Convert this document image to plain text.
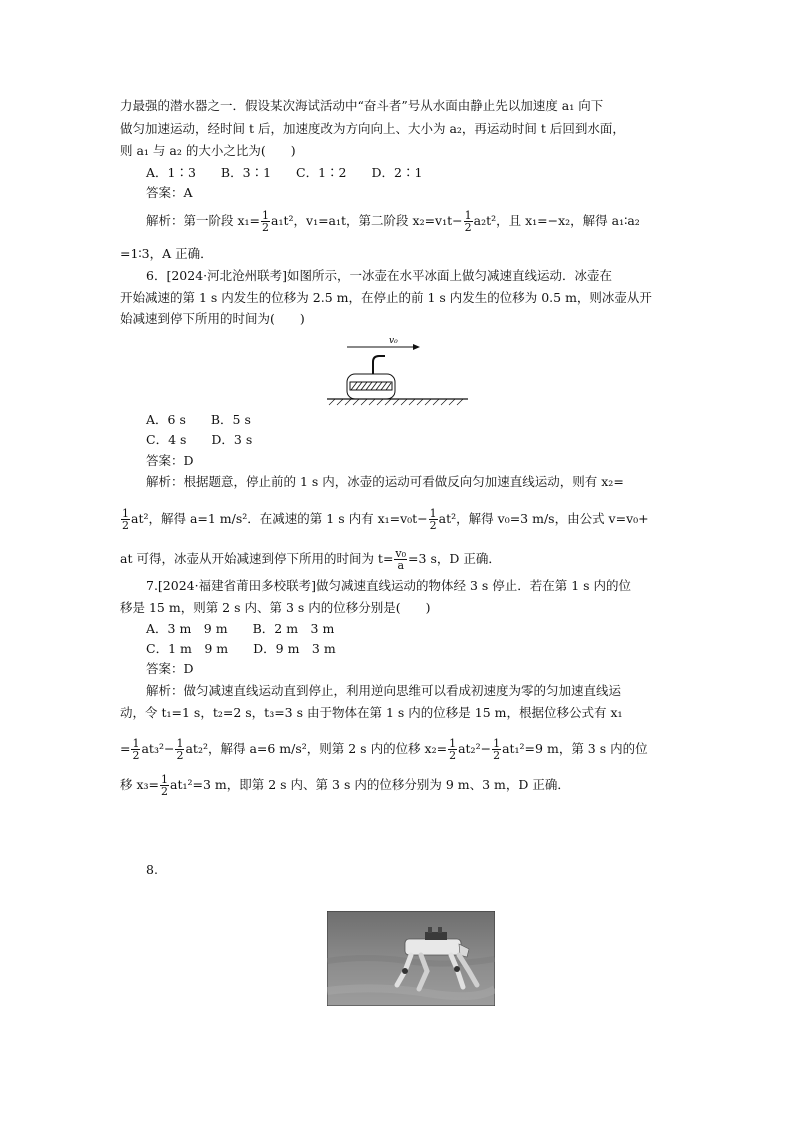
力最强的潜水器之一．假设某次海试活动中“奋斗者”号从水面由静止先以加速度 a₁ 向下
做匀加速运动，经时间 t 后，加速度改为方向向上、大小为 a₂，再运动时间 t 后回到水面，
则 a₁ 与 a₂ 的大小之比为(　　)
A．1∶3　　B．3∶1　　C．1∶2　　D．2∶1
答案：A
解析：第一阶段 $x_1= \frac{1}{2} a_1t^2$，v₁=a₁t，第二阶段 $x_2=v_1t- \frac{1}{2} a_2t^2$，且 x₁=−x₂，解得 a₁∶a₂
=1∶3，A 正确．
6．[2024·河北沧州联考]如图所示，一冰壶在水平冰面上做匀减速直线运动．冰壶在
开始减速的第 1 s 内发生的位移为 2.5 m，在停止的前 1 s 内发生的位移为 0.5 m，则冰壶从开
始减速到停下所用的时间为(　　)
v₀
A．6 s　　B．5 s
C．4 s　　D．3 s
答案：D
解析：根据题意，停止前的 1 s 内，冰壶的运动可看做反向匀加速直线运动，则有 x₂=
$\frac{1}{2} at^2$，解得 a=1 m/s²．在减速的第 1 s 内有 $x_1=v_0t- \frac{1}{2} at^2$，解得 v₀=3 m/s，由公式 v=v₀+
at 可得，冰壶从开始减速到停下所用的时间为 $t= \frac{\text{v₀}}{a} =3$ s，D 正确．
7.[2024·福建省莆田多校联考]做匀减速直线运动的物体经 3 s 停止．若在第 1 s 内的位
移是 15 m，则第 2 s 内、第 3 s 内的位移分别是(　　)
A．3 m　9 m　　B．2 m　3 m
C．1 m　9 m　　D．9 m　3 m
答案：D
解析：做匀减速直线运动直到停止，利用逆向思维可以看成初速度为零的匀加速直线运
动，令 t₁=1 s，t₂=2 s，t₃=3 s 由于物体在第 1 s 内的位移是 15 m，根据位移公式有 x₁
= $\frac{1}{2} at_3^2- \frac{1}{2} at_2^2$，解得 a=6 m/s²，则第 2 s 内的位移 $x_2= \frac{1}{2} at_2^2- \frac{1}{2} at_1^2=9$ m，第 3 s 内的位
移 $x_3= \frac{1}{2} at_1^2=3$ m，即第 2 s 内、第 3 s 内的位移分别为 9 m、3 m，D 正确．
8.
